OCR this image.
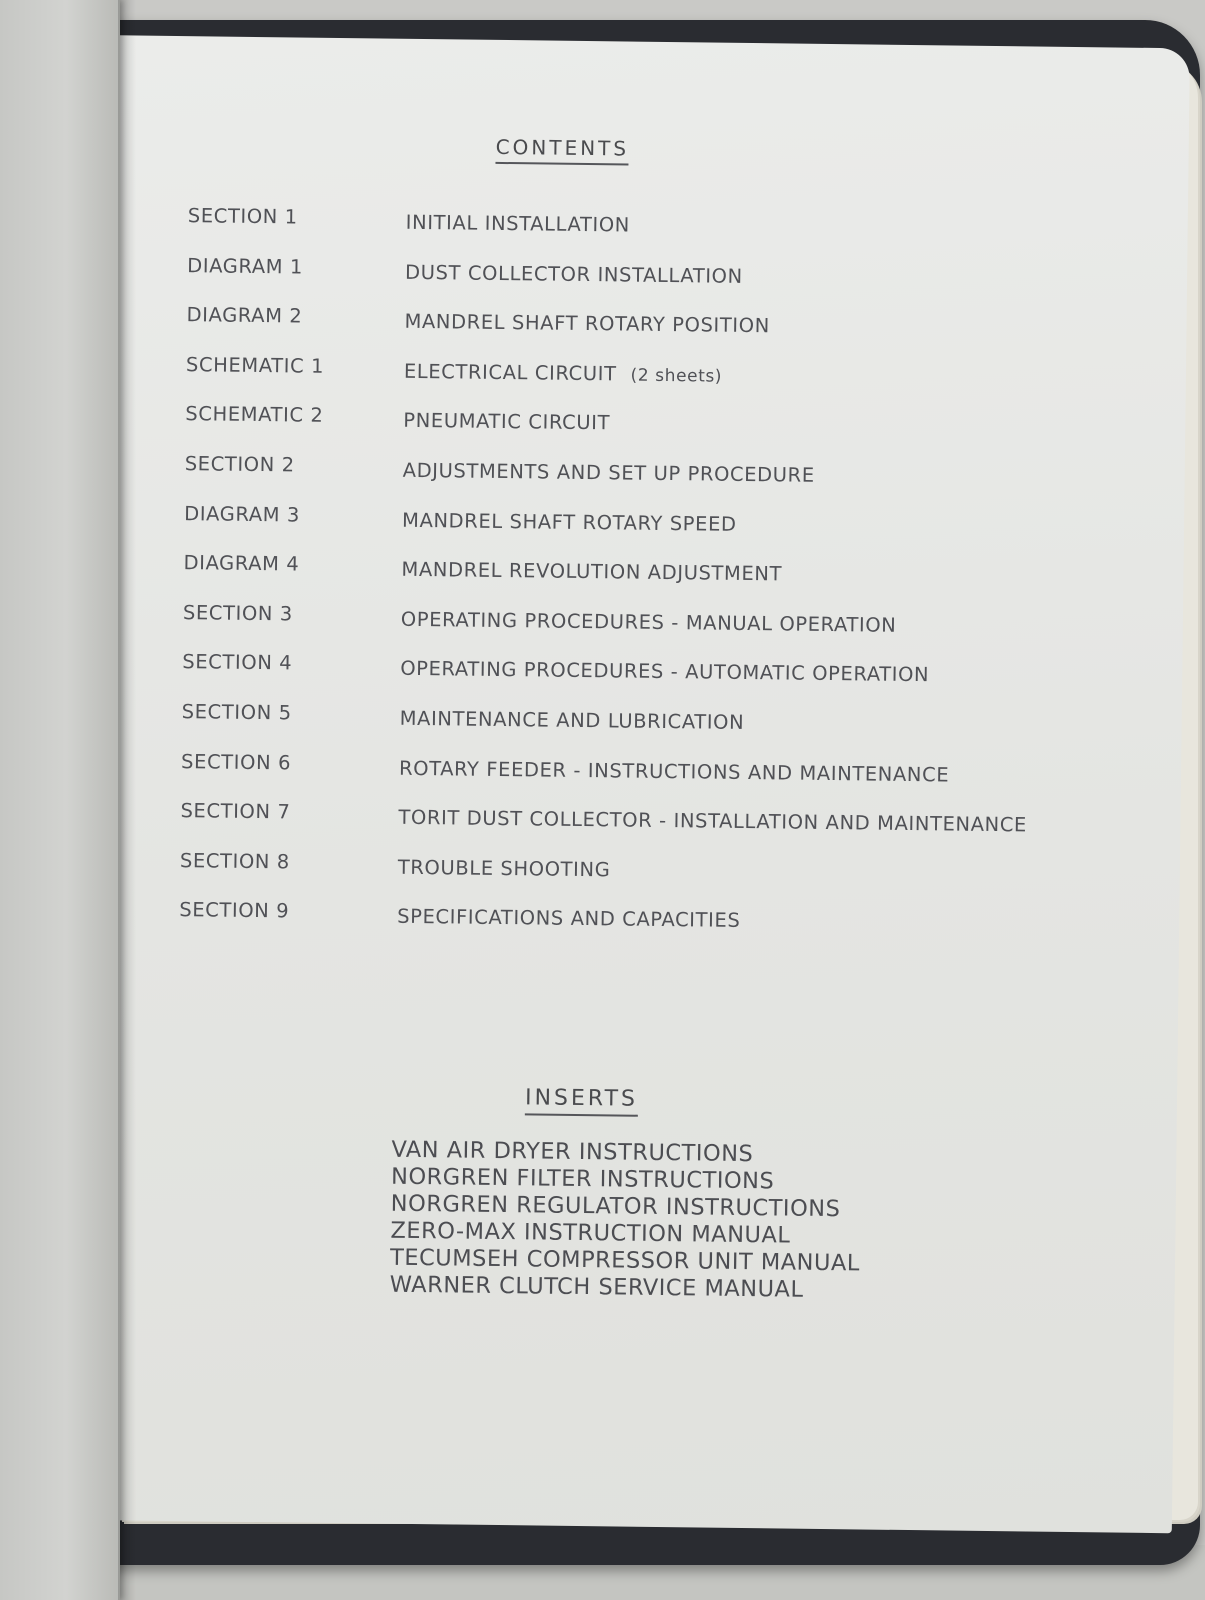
CONTENTS
SECTION 1	INITIAL INSTALLATION
DIAGRAM 1	DUST COLLECTOR INSTALLATION
DIAGRAM 2	MANDREL SHAFT ROTARY POSITION
SCHEMATIC 1	ELECTRICAL CIRCUIT (2 sheets)
SCHEMATIC 2	PNEUMATIC CIRCUIT
SECTION 2	ADJUSTMENTS AND SET UP PROCEDURE
DIAGRAM 3	MANDREL SHAFT ROTARY SPEED
DIAGRAM 4	MANDREL REVOLUTION ADJUSTMENT
SECTION 3	OPERATING PROCEDURES - MANUAL OPERATION
SECTION 4	OPERATING PROCEDURES - AUTOMATIC OPERATION
SECTION 5	MAINTENANCE AND LUBRICATION
SECTION 6	ROTARY FEEDER - INSTRUCTIONS AND MAINTENANCE
SECTION 7	TORIT DUST COLLECTOR - INSTALLATION AND MAINTENANCE
SECTION 8	TROUBLE SHOOTING
SECTION 9	SPECIFICATIONS AND CAPACITIES
INSERTS
VAN AIR DRYER INSTRUCTIONS
NORGREN FILTER INSTRUCTIONS
NORGREN REGULATOR INSTRUCTIONS
ZERO-MAX INSTRUCTION MANUAL
TECUMSEH COMPRESSOR UNIT MANUAL
WARNER CLUTCH SERVICE MANUAL
